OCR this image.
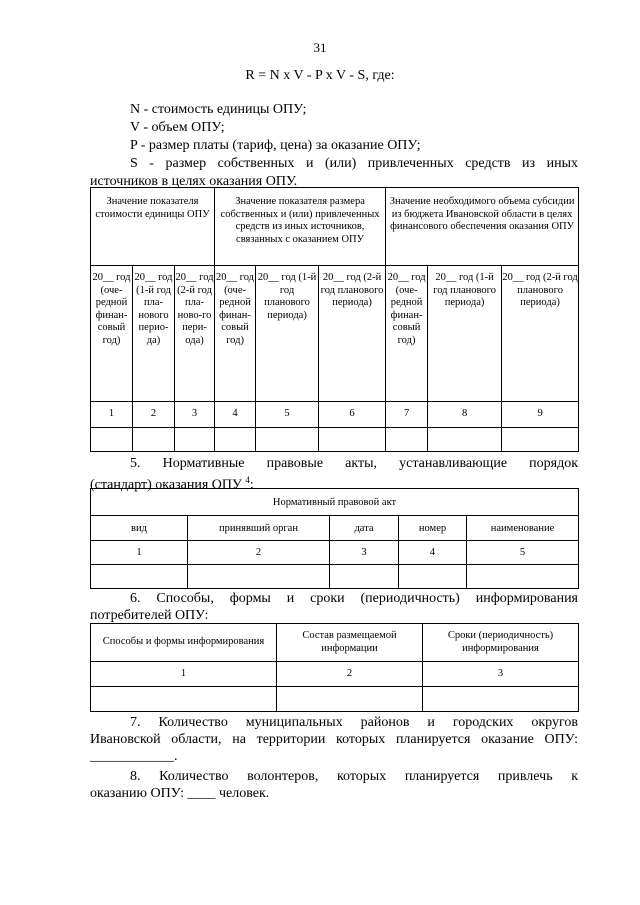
31
R = N x V - P x V - S, где:
N - стоимость единицы ОПУ;
V - объем ОПУ;
P - размер платы (тариф, цена) за оказание ОПУ;
S - размер собственных и (или) привлеченных средств из иных
источников в целях оказания ОПУ.
Значение показателя стоимости единицы ОПУ			Значение показателя размера собственных и (или) привлеченных средств из иных источников, связанных с оказанием ОПУ			Значение необходимого объема субсидии из бюджета Ивановской области в целях финансового обеспечения оказания ОПУ		
20__ год (оче-редной финан-совый год)	20__ год (1-й год пла-нового перио-да)	20__ год (2-й год пла-ново-го пери-ода)	20__ год (оче-редной финан-совый год)	20__ год (1-й год планового периода)	20__ год (2-й год планового периода)	20__ год (оче-редной финан-совый год)	20__ год (1-й год планового периода)	20__ год (2-й год планового периода)
1	2	3	4	5	6	7	8	9

5. Нормативные правовые акты, устанавливающие порядок
(стандарт) оказания ОПУ $^4$:
Нормативный правовой акт				
вид	принявший орган	дата	номер	наименование
1	2	3	4	5

6. Способы, формы и сроки (периодичность) информирования
потребителей ОПУ:
Способы и формы информирования	Состав размещаемой информации	Сроки (периодичность) информирования
1	2	3

7. Количество муниципальных районов и городских округов
Ивановской области, на территории которых планируется оказание ОПУ:
____________.
8. Количество волонтеров, которых планируется привлечь к
оказанию ОПУ: ____ человек.
